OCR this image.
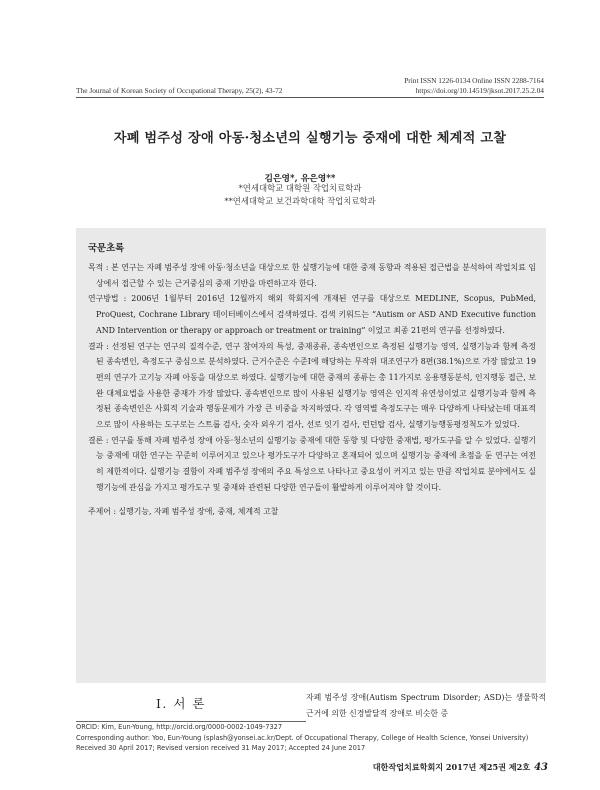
Print ISSN 1226-0134 Online ISSN 2288-7164
https://doi.org/10.14519/jksot.2017.25.2.04
The Journal of Korean Society of Occupational Therapy, 25(2), 43-72
자폐 범주성 장애 아동·청소년의 실행기능 중재에 대한 체계적 고찰
김은영*, 유은영**
*연세대학교 대학원 작업치료학과
**연세대학교 보건과학대학 작업치료학과
국문초록

목적 : 본 연구는 자폐 범주성 장애 아동·청소년을 대상으로 한 실행기능에 대한 중재 동향과 적용된 접근법을 분석하여 작업치료 임상에서 접근할 수 있는 근거중심의 중재 기반을 마련하고자 한다.

연구방법 : 2006년 1월부터 2016년 12월까지 해외 학회지에 개재된 연구를 대상으로 MEDLINE, Scopus, PubMed, ProQuest, Cochrane Library 데이터베이스에서 검색하였다. 검색 키워드는 “Autism or ASD AND Executive function AND Intervention or therapy or approach or treatment or training” 이었고 최종 21편의 연구를 선정하였다.

결과 : 선정된 연구는 연구의 질적수준, 연구 참여자의 특성, 중재종류, 종속변인으로 측정된 실행기능 영역, 실행기능과 함께 측정된 종속변인, 측정도구 중심으로 분석하였다. 근거수준은 수준Ⅰ에 해당하는 무작위 대조연구가 8편(38.1%)으로 가장 많았고 19편의 연구가 고기능 자폐 아동을 대상으로 하였다. 실행기능에 대한 중재의 종류는 총 11가지로 응용행동분석, 인지행동 접근, 보완 대체요법을 사용한 중재가 가장 많았다. 종속변인으로 많이 사용된 실행기능 영역은 인지적 유연성이었고 실행기능과 함께 측정된 종속변인은 사회적 기술과 행동문제가 가장 큰 비중을 차지하였다. 각 영역별 측정도구는 매우 다양하게 나타났는데 대표적으로 많이 사용하는 도구로는 스트룹 검사, 숫자 외우기 검사, 선로 잇기 검사, 런던탑 검사, 실행기능행동평정척도가 있었다.

결론 : 연구를 통해 자폐 범주성 장애 아동·청소년의 실행기능 중재에 대한 동향 및 다양한 중재법, 평가도구를 알 수 있었다. 실행기능 중재에 대한 연구는 꾸준히 이루어지고 있으나 평가도구가 다양하고 혼재되어 있으며 실행기능 중재에 초점을 둔 연구는 여전히 제한적이다. 실행기능 결함이 자폐 범주성 장애의 주요 특성으로 나타나고 중요성이 커지고 있는 만큼 작업치료 분야에서도 실행기능에 관심을 가지고 평가도구 및 중재와 관련된 다양한 연구들이 활발하게 이루어져야 할 것이다.

주제어 : 실행기능, 자폐 범주성 장애, 중재, 체계적 고찰
Ⅰ. 서 론	자폐 범주성 장애(Autism Spectrum Disorder; ASD)는 생물학적 근거에 의한 신경발달적 장애로 비슷한 증
ORCID: Kim, Eun-Young, http://orcid.org/0000-0002-1049-7327
Corresponding author: Yoo, Eun-Young (splash@yonsei.ac.kr/Dept. of Occupational Therapy, College of Health Science, Yonsei University)
Received 30 April 2017; Revised version received 31 May 2017; Accepted 24 June 2017
대한작업치료학회지 2017년 제25권 제2호 43
